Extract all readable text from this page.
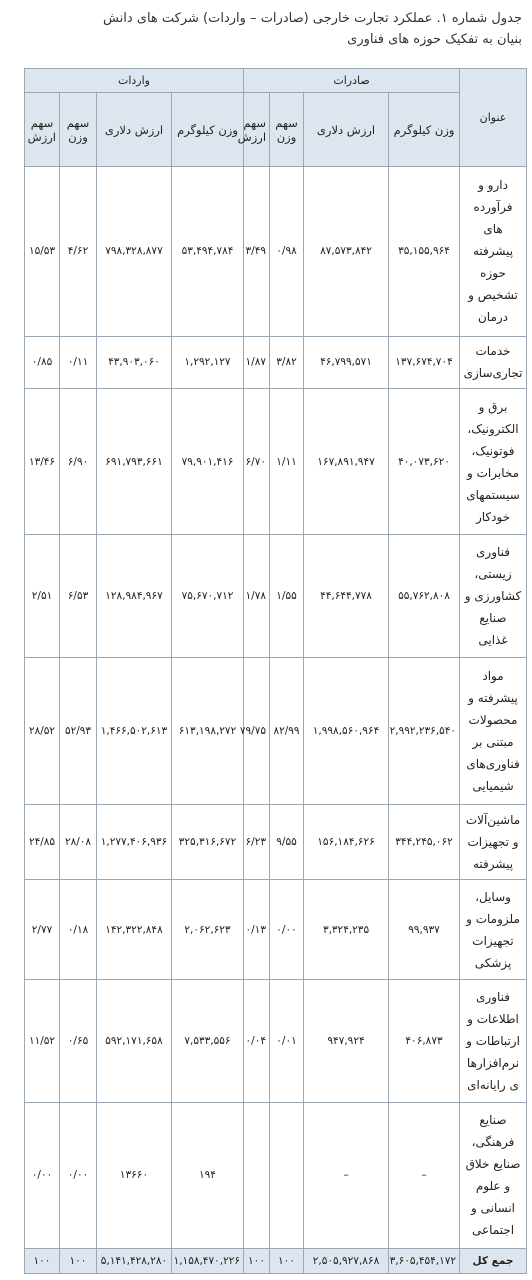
جدول شماره ۱. عملکرد تجارت خارجی (صادرات – واردات) شرکت های دانش
بنیان به تفکیک حوزه های فناوری
عنوان	صادرات				واردات			
	وزن کیلوگرم	ارزش دلاری	سهم وزن	سهم ارزش	وزن کیلوگرم	ارزش دلاری	سهم وزن	سهم ارزش
دارو و فرآورده های پیشرفته حوزه تشخیص و درمان	۳۵,۱۵۵,۹۶۴	۸۷,۵۷۳,۸۴۲	۰/۹۸	۳/۴۹	۵۳,۴۹۴,۷۸۴	۷۹۸,۳۲۸,۸۷۷	۴/۶۲	۱۵/۵۳
خدمات تجاری‌سازی	۱۳۷,۶۷۴,۷۰۴	۴۶,۷۹۹,۵۷۱	۳/۸۲	۱/۸۷	۱,۲۹۲,۱۲۷	۴۳,۹۰۳,۰۶۰	۰/۱۱	۰/۸۵
برق و الکترونیک، فوتونیک، مخابرات و سیستمهای خودکار	۴۰,۰۷۳,۶۲۰	۱۶۷,۸۹۱,۹۴۷	۱/۱۱	۶/۷۰	۷۹,۹۰۱,۴۱۶	۶۹۱,۷۹۳,۶۶۱	۶/۹۰	۱۳/۴۶
فناوری زیستی، کشاورزی و صنایع غذایی	۵۵,۷۶۲,۸۰۸	۴۴,۶۴۴,۷۷۸	۱/۵۵	۱/۷۸	۷۵,۶۷۰,۷۱۲	۱۲۸,۹۸۴,۹۶۷	۶/۵۳	۲/۵۱
مواد پیشرفته و محصولات مبتنی بر فناوری‌های شیمیایی	۲,۹۹۲,۲۳۶,۵۴۰	۱,۹۹۸,۵۶۰,۹۶۴	۸۲/۹۹	۷۹/۷۵	۶۱۳,۱۹۸,۲۷۲	۱,۴۶۶,۵۰۲,۶۱۳	۵۲/۹۳	۲۸/۵۲
ماشین‌آلات و تجهیزات پیشرفته	۳۴۴,۲۴۵,۰۶۲	۱۵۶,۱۸۴,۶۲۶	۹/۵۵	۶/۲۳	۳۲۵,۳۱۶,۶۷۲	۱,۲۷۷,۴۰۶,۹۳۶	۲۸/۰۸	۲۴/۸۵
وسایل، ملزومات و تجهیزات پزشکی	۹۹,۹۳۷	۳,۳۲۴,۲۳۵	۰/۰۰	۰/۱۳	۲,۰۶۲,۶۲۳	۱۴۲,۳۲۲,۸۴۸	۰/۱۸	۲/۷۷
فناوری اطلاعات و ارتباطات و نرم‌افزارهای رایانه‌ای	۴۰۶,۸۷۳	۹۴۷,۹۲۴	۰/۰۱	۰/۰۴	۷,۵۳۳,۵۵۶	۵۹۲,۱۷۱,۶۵۸	۰/۶۵	۱۱/۵۲
صنایع فرهنگی، صنایع خلاق و علوم انسانی و اجتماعی	–	–			۱۹۴	۱۳۶۶۰	۰/۰۰	۰/۰۰
جمع کل	۳,۶۰۵,۴۵۴,۱۷۲	۲,۵۰۵,۹۲۷,۸۶۸	۱۰۰	۱۰۰	۱,۱۵۸,۴۷۰,۲۲۶	۵,۱۴۱,۴۲۸,۲۸۰	۱۰۰	۱۰۰
